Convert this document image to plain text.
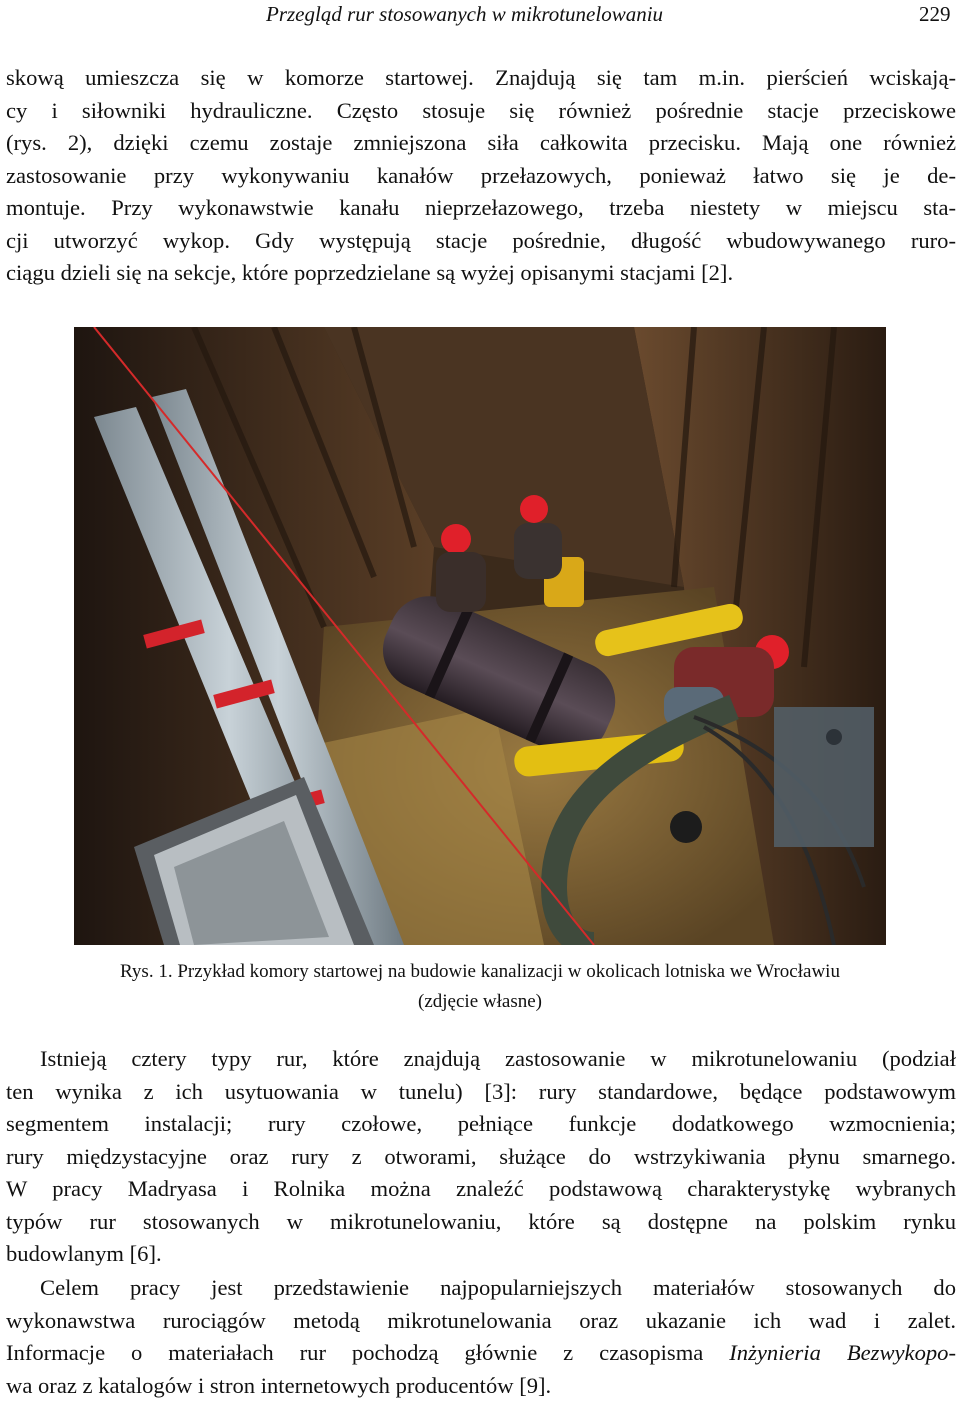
Przegląd rur stosowanych w mikrotunelowaniu	229
skową umieszcza się w komorze startowej. Znajdują się tam m.in. pierścień wciskają-
cy i siłowniki hydrauliczne. Często stosuje się również pośrednie stacje przeciskowe
(rys. 2), dzięki czemu zostaje zmniejszona siła całkowita przecisku. Mają one również
zastosowanie przy wykonywaniu kanałów przełazowych, ponieważ łatwo się je de-
montuje. Przy wykonawstwie kanału nieprzełazowego, trzeba niestety w miejscu sta-
cji utworzyć wykop. Gdy występują stacje pośrednie, długość wbudowywanego ruro-
ciągu dzieli się na sekcje, które poprzedzielane są wyżej opisanymi stacjami [2].
Rys. 1. Przykład komory startowej na budowie kanalizacji w okolicach lotniska we Wrocławiu
(zdjęcie własne)
Istnieją cztery typy rur, które znajdują zastosowanie w mikrotunelowaniu (podział
ten wynika z ich usytuowania w tunelu) [3]: rury standardowe, będące podstawowym
segmentem instalacji; rury czołowe, pełniące funkcje dodatkowego wzmocnienia;
rury międzystacyjne oraz rury z otworami, służące do wstrzykiwania płynu smarnego.
W pracy Madryasa i Rolnika można znaleźć podstawową charakterystykę wybranych
typów rur stosowanych w mikrotunelowaniu, które są dostępne na polskim rynku
budowlanym [6].
Celem pracy jest przedstawienie najpopularniejszych materiałów stosowanych do
wykonawstwa rurociągów metodą mikrotunelowania oraz ukazanie ich wad i zalet.
Informacje o materiałach rur pochodzą głównie z czasopisma Inżynieria Bezwykopo-
wa oraz z katalogów i stron internetowych producentów [9].
